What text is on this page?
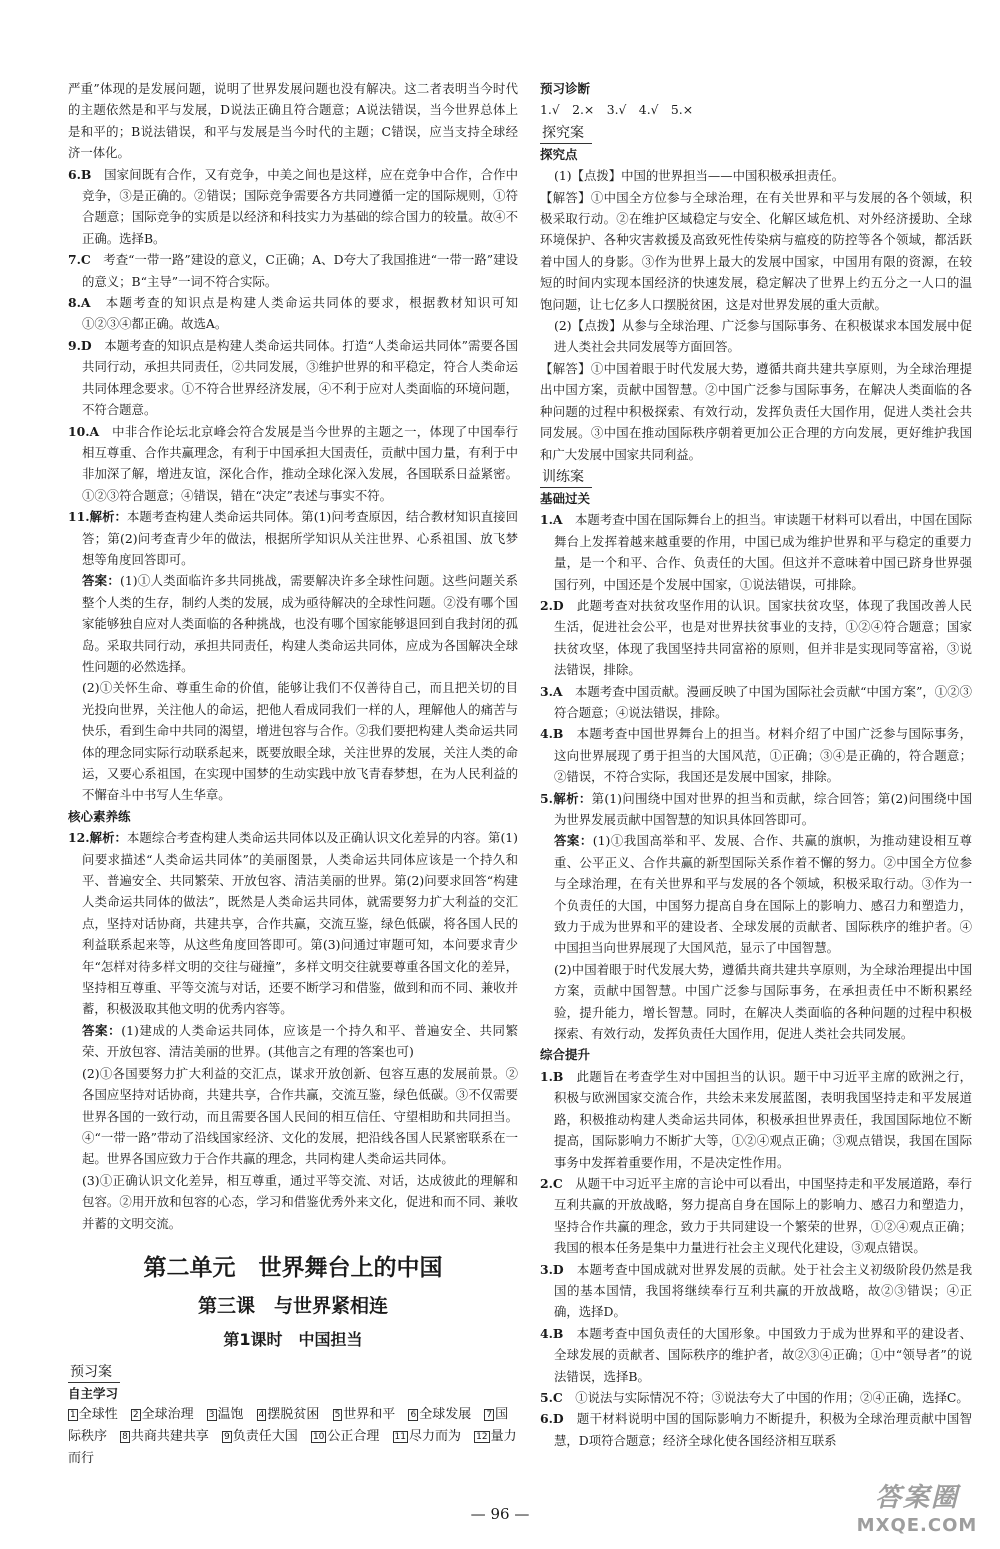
严重”体现的是发展问题，说明了世界发展问题也没有解决。这二者表明当今时代的主题依然是和平与发展，D说法正确且符合题意；A说法错误，当今世界总体上是和平的；B说法错误，和平与发展是当今时代的主题；C错误，应当支持全球经济一体化。

6.B　 国家间既有合作，又有竞争，中美之间也是这样，应在竞争中合作，合作中竞争，③是正确的。②错误；国际竞争需要各方共同遵循一定的国际规则，①符合题意；国际竞争的实质是以经济和科技实力为基础的综合国力的较量。故④不正确。选择B。

7.C　 考查“一带一路”建设的意义，C正确；A、D夸大了我国推进“一带一路”建设的意义；B“主导”一词不符合实际。

8.A　 本题考查的知识点是构建人类命运共同体的要求，根据教材知识可知①②③④都正确。故选A。

9.D　 本题考查的知识点是构建人类命运共同体。打造“人类命运共同体”需要各国共同行动，承担共同责任，②共同发展，③维护世界的和平稳定，符合人类命运共同体理念要求。①不符合世界经济发展，④不利于应对人类面临的环境问题，不符合题意。

10.A　 中非合作论坛北京峰会符合发展是当今世界的主题之一，体现了中国奉行相互尊重、合作共赢理念，有利于中国承担大国责任，贡献中国力量，有利于中非加深了解，增进友谊，深化合作，推动全球化深入发展，各国联系日益紧密。①②③符合题意；④错误，错在“决定”表述与事实不符。

11.解析：本题考查构建人类命运共同体。第(1)问考查原因，结合教材知识直接回答；第(2)问考查青少年的做法，根据所学知识从关注世界、心系祖国、放飞梦想等角度回答即可。

答案：(1)①人类面临许多共同挑战，需要解决许多全球性问题。这些问题关系整个人类的生存，制约人类的发展，成为亟待解决的全球性问题。②没有哪个国家能够独自应对人类面临的各种挑战，也没有哪个国家能够退回到自我封闭的孤岛。采取共同行动，承担共同责任，构建人类命运共同体，应成为各国解决全球性问题的必然选择。

(2)①关怀生命、尊重生命的价值，能够让我们不仅善待自己，而且把关切的目光投向世界，关注他人的命运，把他人看成同我们一样的人，理解他人的痛苦与快乐，看到生命中共同的渴望，增进包容与合作。②我们要把构建人类命运共同体的理念同实际行动联系起来，既要放眼全球，关注世界的发展，关注人类的命运，又要心系祖国，在实现中国梦的生动实践中放飞青春梦想，在为人民利益的不懈奋斗中书写人生华章。

核心素养练

12.解析：本题综合考查构建人类命运共同体以及正确认识文化差异的内容。第(1)问要求描述“人类命运共同体”的美丽图景，人类命运共同体应该是一个持久和平、普遍安全、共同繁荣、开放包容、清洁美丽的世界。第(2)问要求回答“构建人类命运共同体的做法”，既然是人类命运共同体，就需要努力扩大利益的交汇点，坚持对话协商，共建共享，合作共赢，交流互鉴，绿色低碳，将各国人民的利益联系起来等，从这些角度回答即可。第(3)问通过审题可知，本问要求青少年“怎样对待多样文明的交往与碰撞”，多样文明交往就要尊重各国文化的差异，坚持相互尊重、平等交流与对话，还要不断学习和借鉴，做到和而不同、兼收并蓄，积极汲取其他文明的优秀内容等。

答案：(1)建成的人类命运共同体，应该是一个持久和平、普遍安全、共同繁荣、开放包容、清洁美丽的世界。(其他言之有理的答案也可)

(2)①各国要努力扩大利益的交汇点，谋求开放创新、包容互惠的发展前景。②各国应坚持对话协商，共建共享，合作共赢，交流互鉴，绿色低碳。③不仅需要世界各国的一致行动，而且需要各国人民间的相互信任、守望相助和共同担当。④“一带一路”带动了沿线国家经济、文化的发展，把沿线各国人民紧密联系在一起。世界各国应致力于合作共赢的理念，共同构建人类命运共同体。

(3)①正确认识文化差异，相互尊重，通过平等交流、对话，达成彼此的理解和包容。②用开放和包容的心态，学习和借鉴优秀外来文化，促进和而不同、兼收并蓄的文明交流。

第二单元　世界舞台上的中国

第三课　与世界紧相连

第1课时　中国担当

预习案

自主学习

1 全球性 2 全球治理 3 温饱 4 摆脱贫困 5 世界和平 6 全球发展 7 国际秩序 8 共商共建共享 9 负责任大国 10 公正合理 11 尽力而为 12 量力而行

预习诊断

1.√　2.×　3.√　4.√　5.×

探究案

探究点

(1)【点拨】中国的世界担当——中国积极承担责任。

【解答】①中国全方位参与全球治理，在有关世界和平与发展的各个领域，积极采取行动。②在维护区域稳定与安全、化解区域危机、对外经济援助、全球环境保护、各种灾害救援及高致死性传染病与瘟疫的防控等各个领域，都活跃着中国人的身影。③作为世界上最大的发展中国家，中国用有限的资源，在较短的时间内实现本国经济的快速发展，稳定解决了世界上约五分之一人口的温饱问题，让七亿多人口摆脱贫困，这是对世界发展的重大贡献。

(2)【点拨】从参与全球治理、广泛参与国际事务、在积极谋求本国发展中促进人类社会共同发展等方面回答。

【解答】①中国着眼于时代发展大势，遵循共商共建共享原则，为全球治理提出中国方案，贡献中国智慧。②中国广泛参与国际事务，在解决人类面临的各种问题的过程中积极探索、有效行动，发挥负责任大国作用，促进人类社会共同发展。③中国在推动国际秩序朝着更加公正合理的方向发展，更好维护我国和广大发展中国家共同利益。

训练案

基础过关

1.A　 本题考查中国在国际舞台上的担当。审读题干材料可以看出，中国在国际舞台上发挥着越来越重要的作用，中国已成为维护世界和平与稳定的重要力量，是一个和平、合作、负责任的大国。但这并不意味着中国已跻身世界强国行列，中国还是个发展中国家，①说法错误，可排除。

2.D　 此题考查对扶贫攻坚作用的认识。国家扶贫攻坚，体现了我国改善人民生活，促进社会公平，也是对世界扶贫事业的支持，①②④符合题意；国家扶贫攻坚，体现了我国坚持共同富裕的原则，但并非是实现同等富裕，③说法错误，排除。

3.A　 本题考查中国贡献。漫画反映了中国为国际社会贡献“中国方案”，①②③符合题意；④说法错误，排除。

4.B　 本题考查中国世界舞台上的担当。材料介绍了中国广泛参与国际事务，这向世界展现了勇于担当的大国风范，①正确；③④是正确的，符合题意；②错误，不符合实际，我国还是发展中国家，排除。

5.解析：第(1)问围绕中国对世界的担当和贡献，综合回答；第(2)问围绕中国为世界发展贡献中国智慧的知识具体回答即可。

答案：(1)①我国高举和平、发展、合作、共赢的旗帜，为推动建设相互尊重、公平正义、合作共赢的新型国际关系作着不懈的努力。②中国全方位参与全球治理，在有关世界和平与发展的各个领域，积极采取行动。③作为一个负责任的大国，中国努力提高自身在国际上的影响力、感召力和塑造力，致力于成为世界和平的建设者、全球发展的贡献者、国际秩序的维护者。④中国担当向世界展现了大国风范，显示了中国智慧。

(2)中国着眼于时代发展大势，遵循共商共建共享原则，为全球治理提出中国方案，贡献中国智慧。中国广泛参与国际事务，在承担责任中不断积累经验，提升能力，增长智慧。同时，在解决人类面临的各种问题的过程中积极探索、有效行动，发挥负责任大国作用，促进人类社会共同发展。

综合提升

1.B　 此题旨在考查学生对中国担当的认识。题干中习近平主席的欧洲之行，积极与欧洲国家交流合作，共绘未来发展蓝图，表明我国坚持走和平发展道路，积极推动构建人类命运共同体，积极承担世界责任，我国国际地位不断提高，国际影响力不断扩大等，①②④观点正确；③观点错误，我国在国际事务中发挥着重要作用，不是决定性作用。

2.C　 从题干中习近平主席的言论中可以看出，中国坚持走和平发展道路，奉行互利共赢的开放战略，努力提高自身在国际上的影响力、感召力和塑造力，坚持合作共赢的理念，致力于共同建设一个繁荣的世界，①②④观点正确；我国的根本任务是集中力量进行社会主义现代化建设，③观点错误。

3.D　 本题考查中国成就对世界发展的贡献。处于社会主义初级阶段仍然是我国的基本国情，我国将继续奉行互利共赢的开放战略，故②③错误；④正确，选择D。

4.B　 本题考查中国负责任的大国形象。中国致力于成为世界和平的建设者、全球发展的贡献者、国际秩序的维护者，故②③④正确；①中“领导者”的说法错误，选择B。

5.C　 ①说法与实际情况不符；③说法夸大了中国的作用；②④正确，选择C。

6.D　 题干材料说明中国的国际影响力不断提升，积极为全球治理贡献中国智慧，D项符合题意；经济全球化使各国经济相互联系

— 96 —
答案圈
MXQE.COM
